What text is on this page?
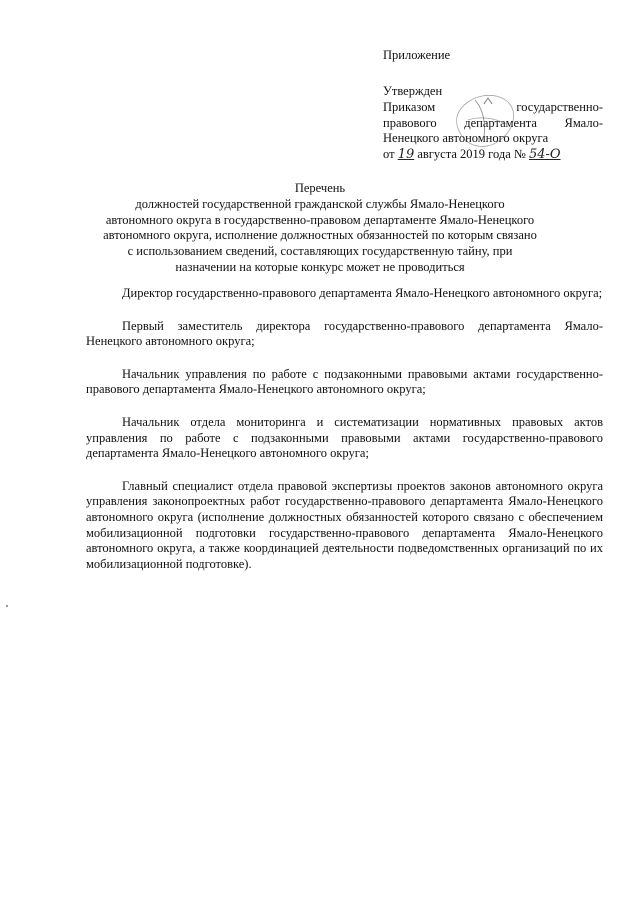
Приложение
Утвержден
Приказом государственно-
правового департамента Ямало-
Ненецкого автономного округа
от 19 августа 2019 года № 54-О
Перечень
должностей государственной гражданской службы Ямало-Ненецкого
автономного округа в государственно-правовом департаменте Ямало-Ненецкого
автономного округа, исполнение должностных обязанностей по которым связано
с использованием сведений, составляющих государственную тайну, при
назначении на которые конкурс может не проводиться

Директор государственно-правового департамента Ямало-Ненецкого автономного округа;

Первый заместитель директора государственно-правового департамента Ямало-Ненецкого автономного округа;

Начальник управления по работе с подзаконными правовыми актами государственно-правового департамента Ямало-Ненецкого автономного округа;

Начальник отдела мониторинга и систематизации нормативных правовых актов управления по работе с подзаконными правовыми актами государственно-правового департамента Ямало-Ненецкого автономного округа;

Главный специалист отдела правовой экспертизы проектов законов автономного округа управления законопроектных работ государственно-правового департамента Ямало-Ненецкого автономного округа (исполнение должностных обязанностей которого связано с обеспечением мобилизационной подготовки государственно-правового департамента Ямало-Ненецкого автономного округа, а также координацией деятельности подведомственных организаций по их мобилизационной подготовке).
